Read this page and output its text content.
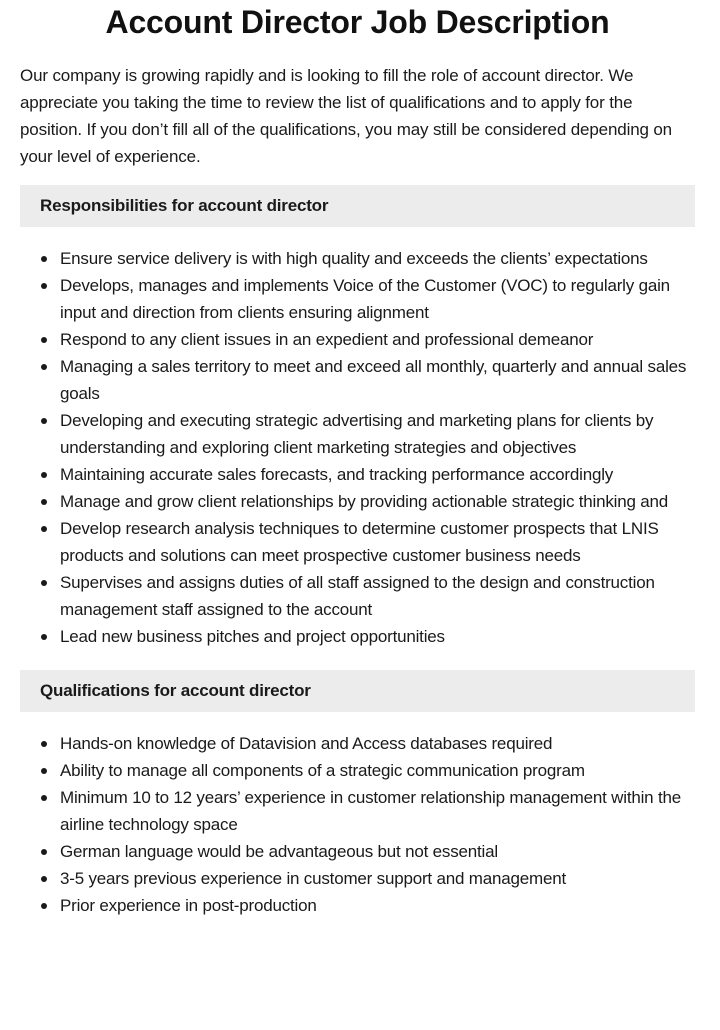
Account Director Job Description

Our company is growing rapidly and is looking to fill the role of account director. We appreciate you taking the time to review the list of qualifications and to apply for the position. If you don’t fill all of the qualifications, you may still be considered depending on your level of experience.

Responsibilities for account director
Ensure service delivery is with high quality and exceeds the clients’ expectations
Develops, manages and implements Voice of the Customer (VOC) to regularly gain input and direction from clients ensuring alignment
Respond to any client issues in an expedient and professional demeanor
Managing a sales territory to meet and exceed all monthly, quarterly and annual sales goals
Developing and executing strategic advertising and marketing plans for clients by understanding and exploring client marketing strategies and objectives
Maintaining accurate sales forecasts, and tracking performance accordingly
Manage and grow client relationships by providing actionable strategic thinking and
Develop research analysis techniques to determine customer prospects that LNIS products and solutions can meet prospective customer business needs
Supervises and assigns duties of all staff assigned to the design and construction management staff assigned to the account
Lead new business pitches and project opportunities
Qualifications for account director
Hands-on knowledge of Datavision and Access databases required
Ability to manage all components of a strategic communication program
Minimum 10 to 12 years’ experience in customer relationship management within the airline technology space
German language would be advantageous but not essential
3-5 years previous experience in customer support and management
Prior experience in post-production
